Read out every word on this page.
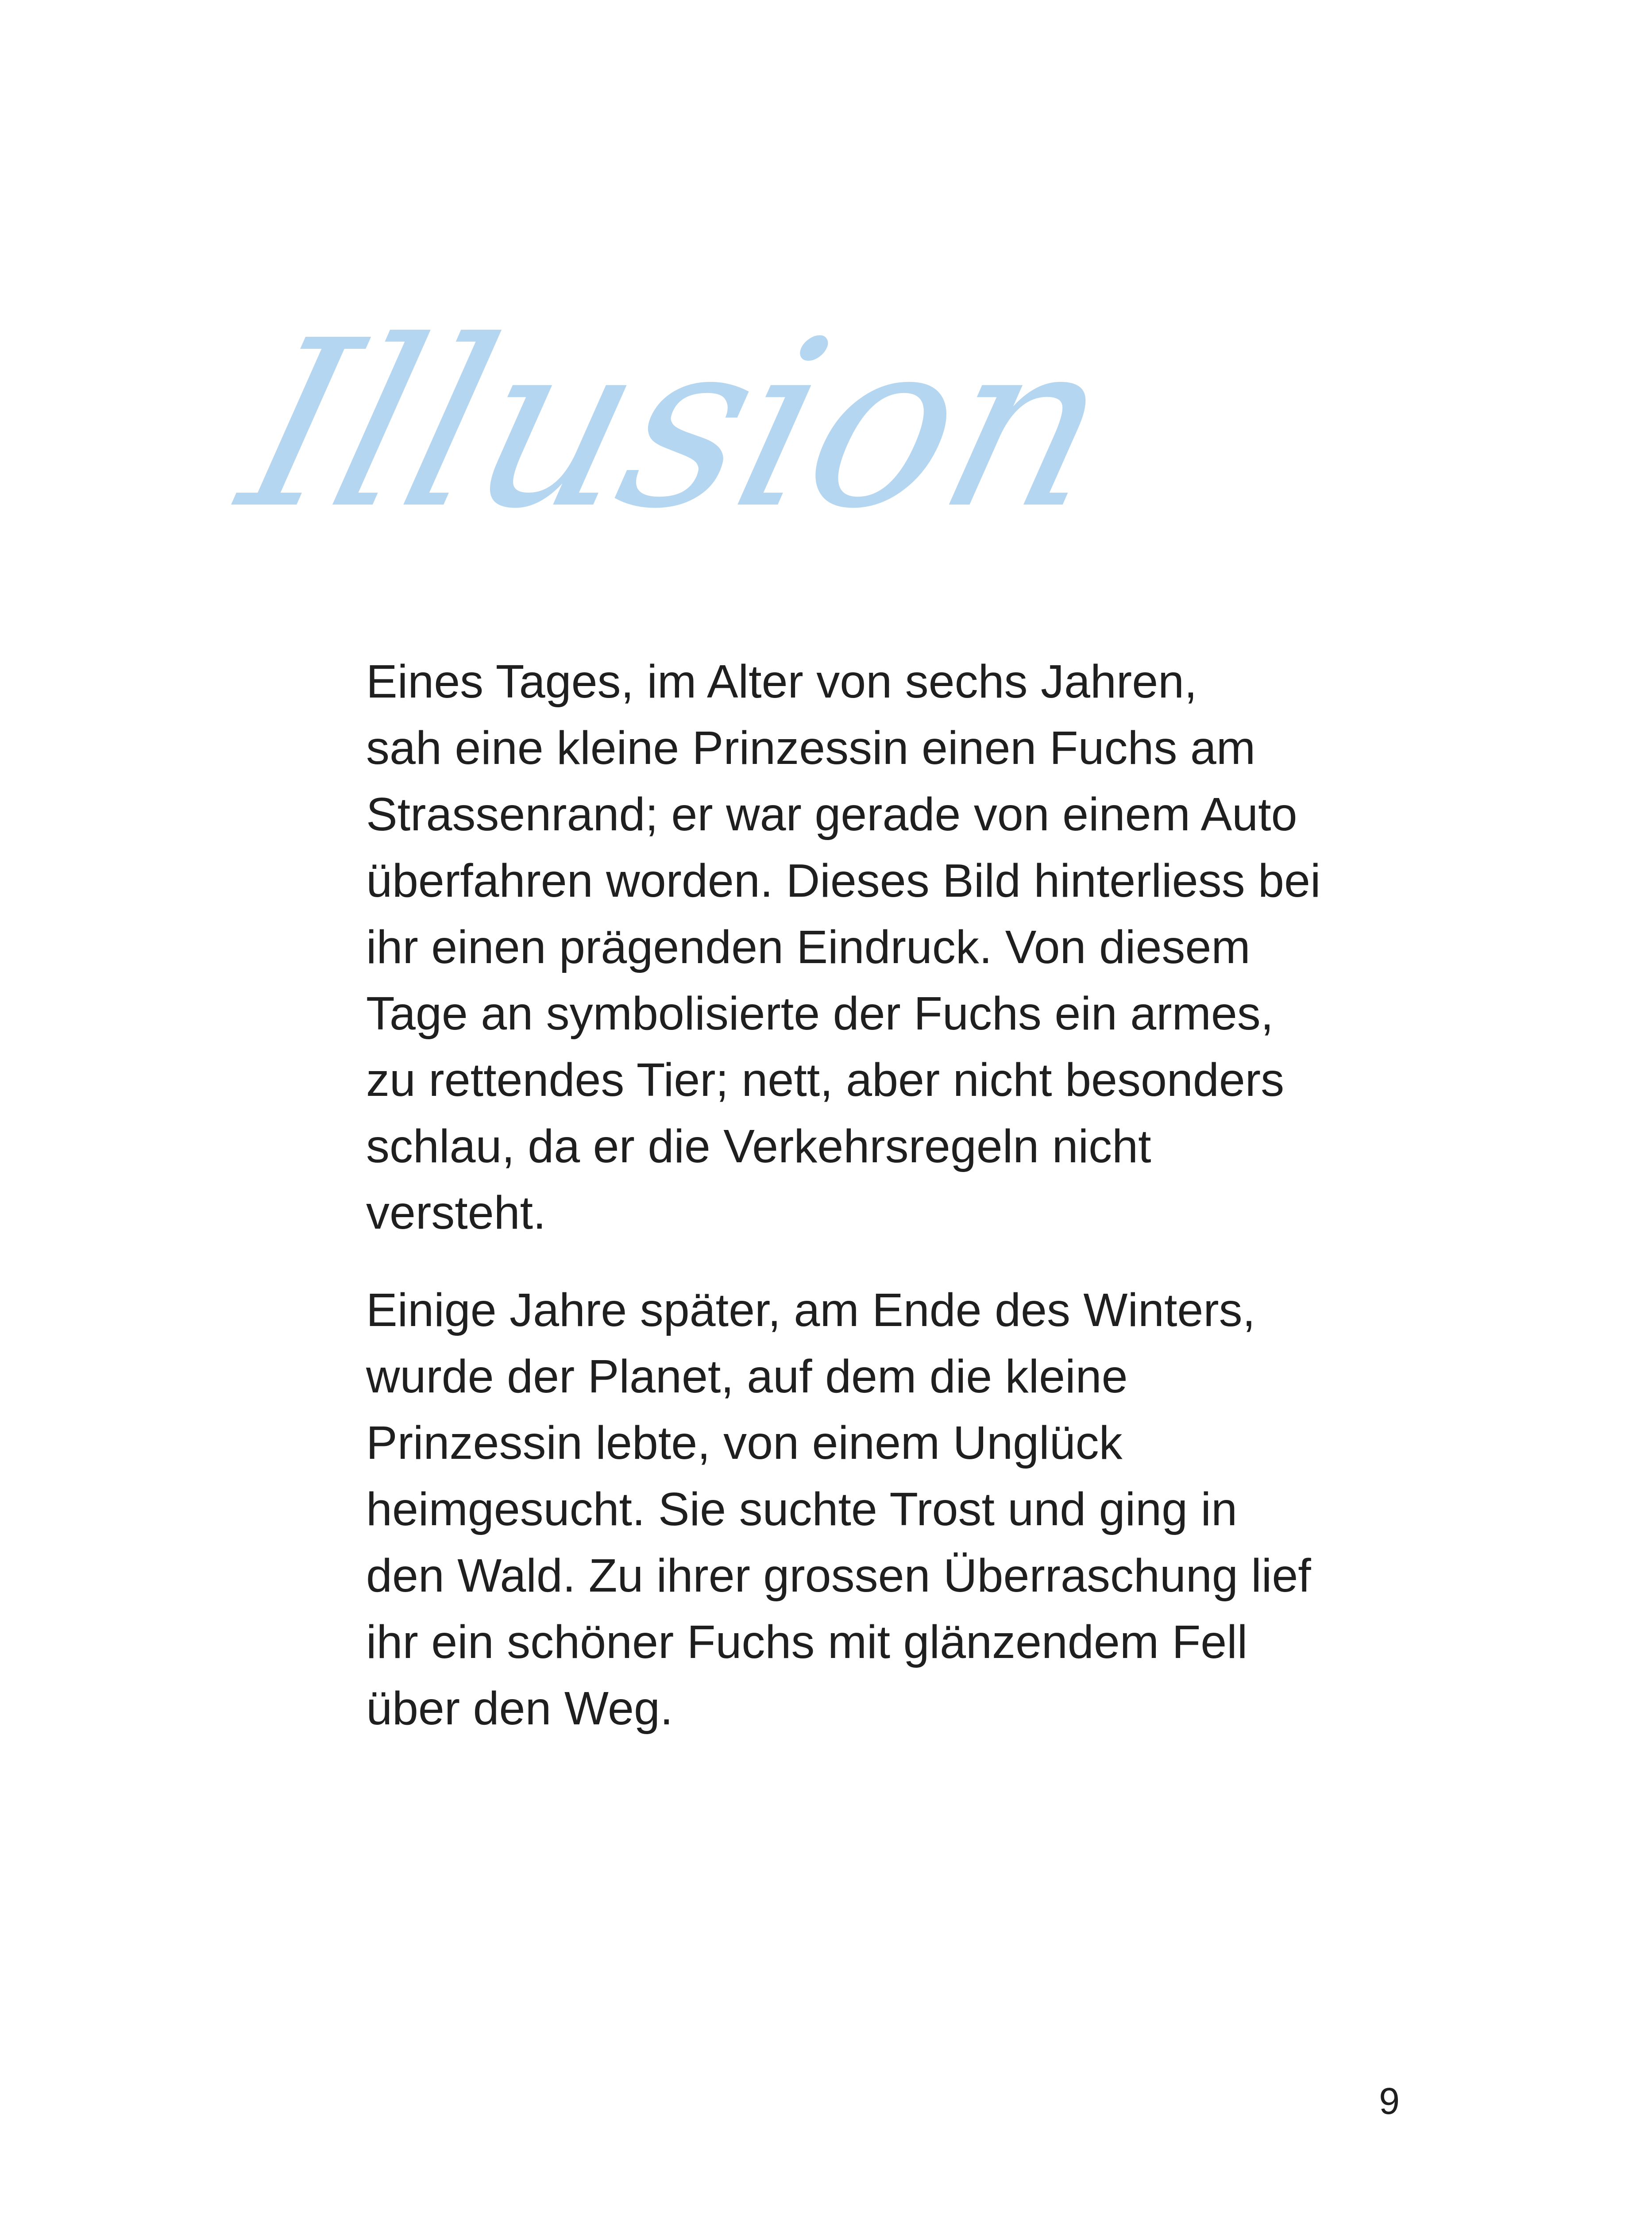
Illusion

Eines Tages, im Alter von sechs Jahren,
sah eine kleine Prinzessin einen Fuchs am
Strassenrand; er war gerade von einem Auto
überfahren worden. Dieses Bild hinterliess bei
ihr einen prägenden Eindruck. Von diesem
Tage an symbolisierte der Fuchs ein armes,
zu rettendes Tier; nett, aber nicht besonders
schlau, da er die Verkehrsregeln nicht
versteht.

Einige Jahre später, am Ende des Winters,
wurde der Planet, auf dem die kleine
Prinzessin lebte, von einem Unglück
heimgesucht. Sie suchte Trost und ging in
den Wald. Zu ihrer grossen Überraschung lief
ihr ein schöner Fuchs mit glänzendem Fell
über den Weg.

9
